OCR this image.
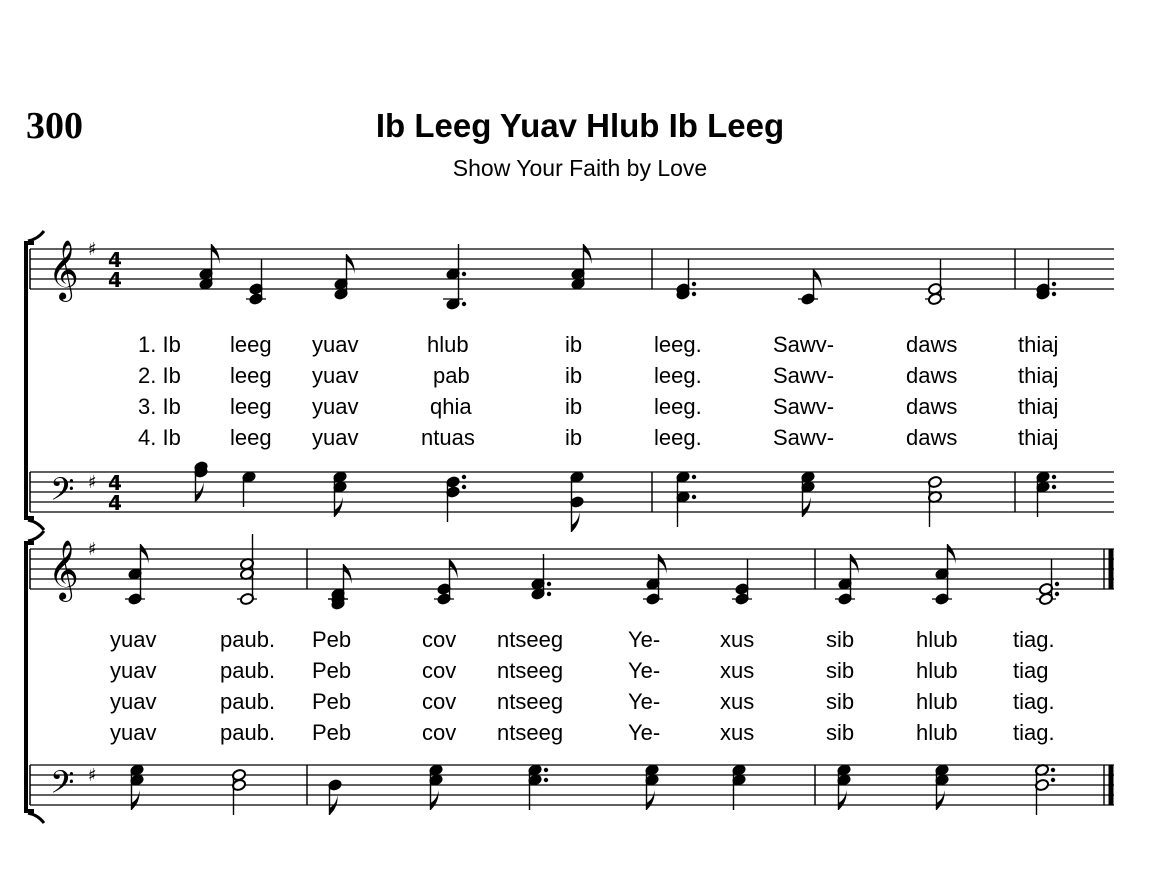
300	Ib Leeg Yuav Hlub Ib Leeg
Show Your Faith by Love
𝄞
𝄢
♯
♯
4
4
4
4
𝄞
𝄢
♯
♯
1. Ib leeg yuav	hlub	ib	leeg.	Sawv-	daws	thiaj
2. Ib leeg yuav	pab	ib	leeg.	Sawv-	daws	thiaj
3. Ib leeg yuav	qhia	ib	leeg.	Sawv-	daws	thiaj
4. Ib leeg yuav	ntuas	ib	leeg.	Sawv-	daws	thiaj
yuav	paub. Peb	cov ntseeg	Ye-	xus	sib	hlub	tiag.
yuav	paub. Peb	cov ntseeg	Ye-	xus	sib	hlub	tiag
yuav	paub. Peb	cov ntseeg	Ye-	xus	sib	hlub	tiag.
yuav	paub. Peb	cov ntseeg	Ye-	xus	sib	hlub	tiag.
